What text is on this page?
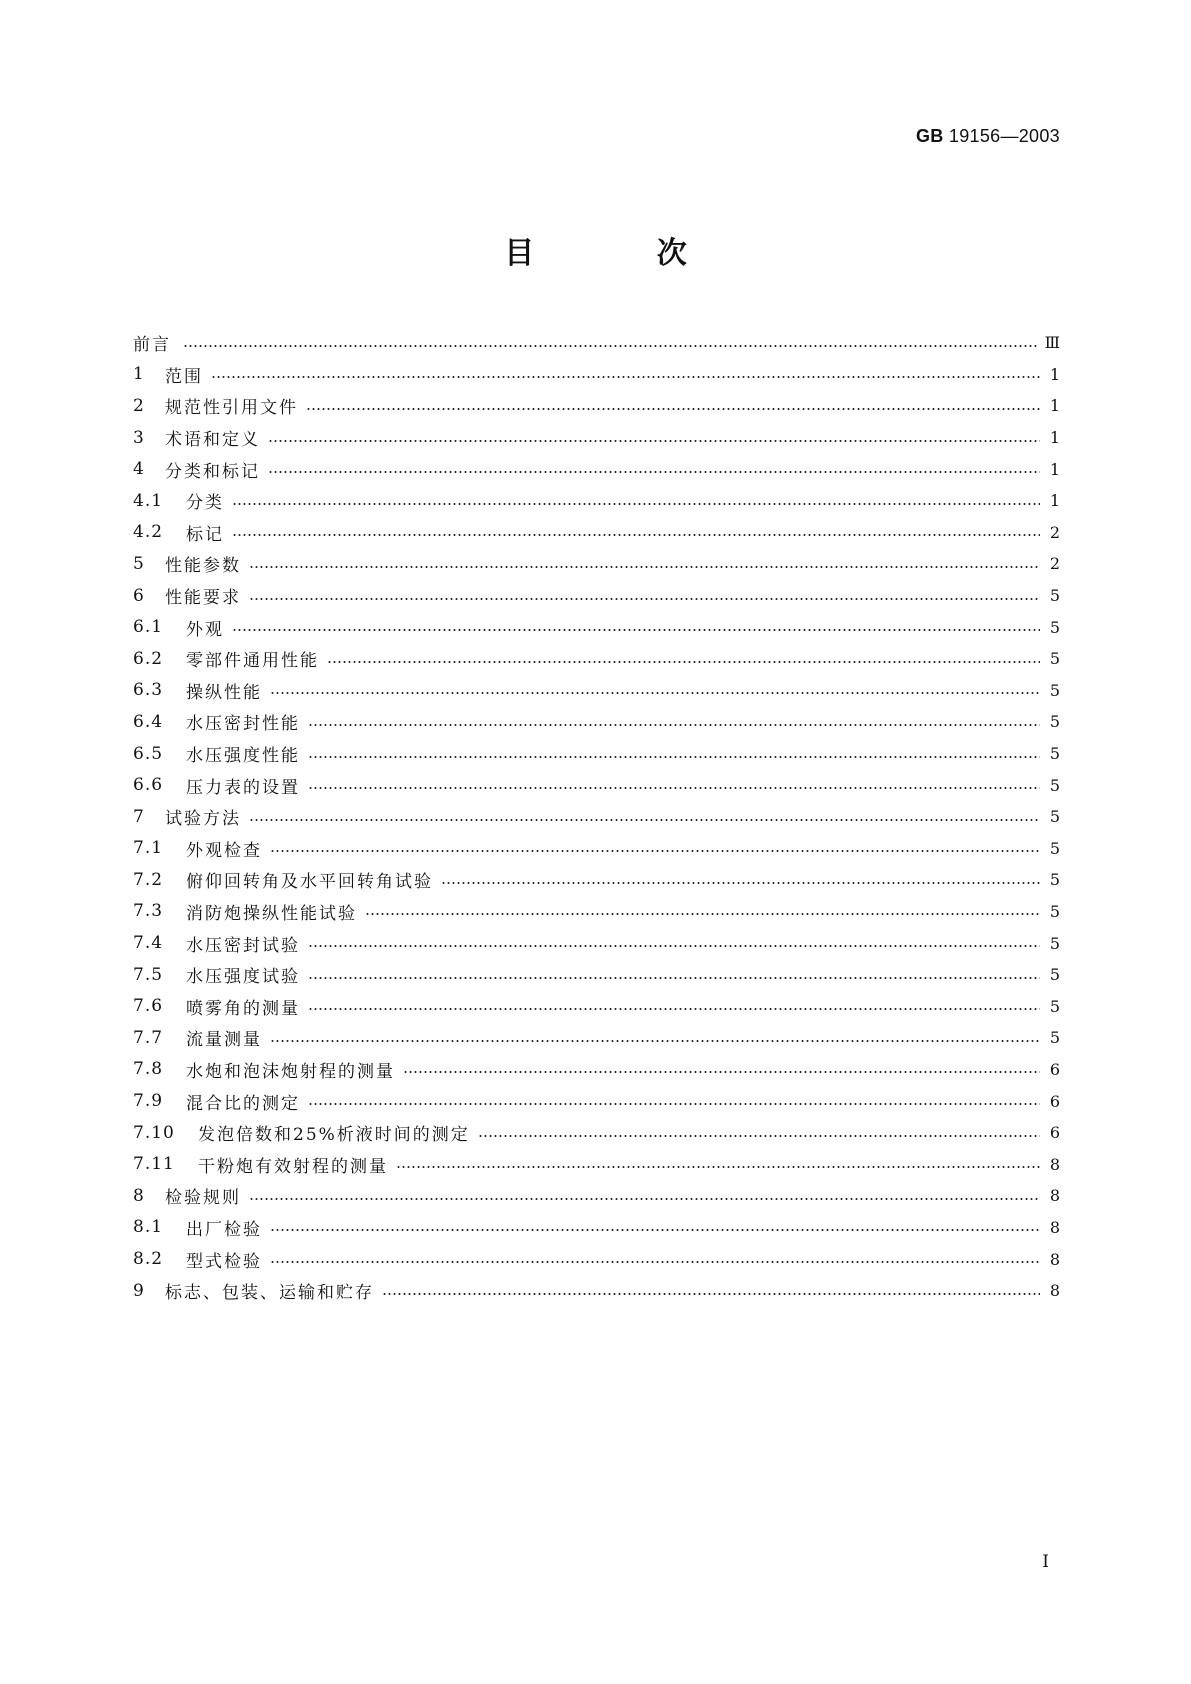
GB 19156—2003
目 次
前言	Ⅲ
1	范围	1
2	规范性引用文件	1
3	术语和定义	1
4	分类和标记	1
4.1	分类	1
4.2	标记	2
5	性能参数	2
6	性能要求	5
6.1	外观	5
6.2	零部件通用性能	5
6.3	操纵性能	5
6.4	水压密封性能	5
6.5	水压强度性能	5
6.6	压力表的设置	5
7	试验方法	5
7.1	外观检查	5
7.2	俯仰回转角及水平回转角试验	5
7.3	消防炮操纵性能试验	5
7.4	水压密封试验	5
7.5	水压强度试验	5
7.6	喷雾角的测量	5
7.7	流量测量	5
7.8	水炮和泡沫炮射程的测量	6
7.9	混合比的测定	6
7.10	发泡倍数和25%析液时间的测定	6
7.11	干粉炮有效射程的测量	8
8	检验规则	8
8.1	出厂检验	8
8.2	型式检验	8
9	标志、包装、运输和贮存	8
I
